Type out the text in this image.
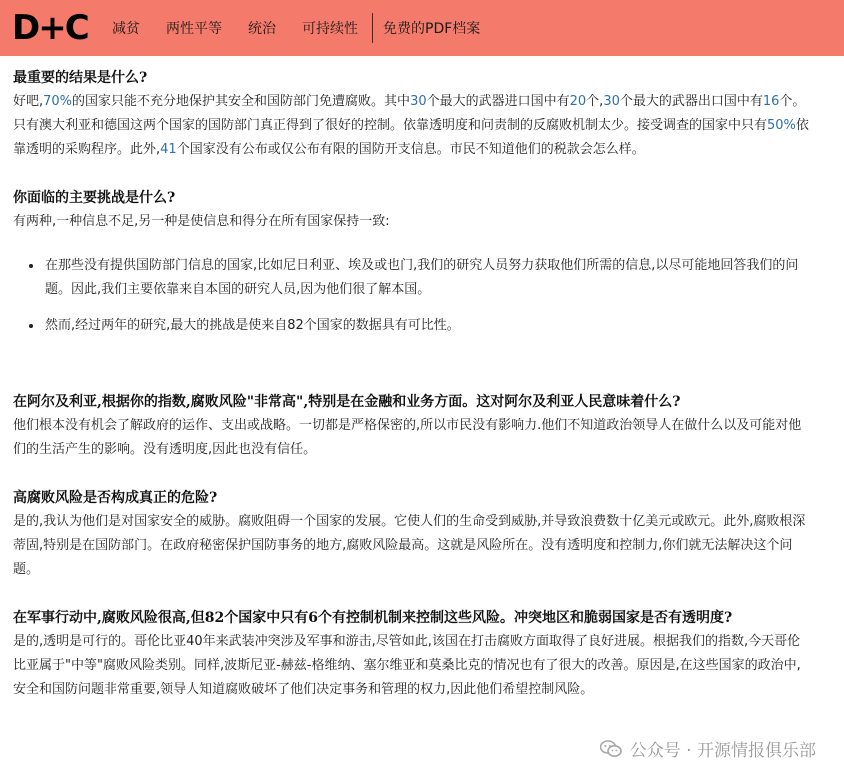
D+C 减贫 两性平等 统治 可持续性 免费的PDF档案
最重要的结果是什么?
好吧,70%的国家只能不充分地保护其安全和国防部门免遭腐败。其中30个最大的武器进口国中有20个,30个最大的武器出口国中有16个。只有澳大利亚和德国这两个国家的国防部门真正得到了很好的控制。依靠透明度和问责制的反腐败机制太少。接受调查的国家中只有50%依靠透明的采购程序。此外,41个国家没有公布或仅公布有限的国防开支信息。市民不知道他们的税款会怎么样。
你面临的主要挑战是什么?
有两种,一种信息不足,另一种是使信息和得分在所有国家保持一致:
• 在那些没有提供国防部门信息的国家,比如尼日利亚、埃及或也门,我们的研究人员努力获取他们所需的信息,以尽可能地回答我们的问题。因此,我们主要依靠来自本国的研究人员,因为他们很了解本国。
• 然而,经过两年的研究,最大的挑战是使来自82个国家的数据具有可比性。
在阿尔及利亚,根据你的指数,腐败风险"非常高",特别是在金融和业务方面。这对阿尔及利亚人民意味着什么?
他们根本没有机会了解政府的运作、支出或战略。一切都是严格保密的,所以市民没有影响力.他们不知道政治领导人在做什么以及可能对他们的生活产生的影响。没有透明度,因此也没有信任。
高腐败风险是否构成真正的危险?
是的,我认为他们是对国家安全的威胁。腐败阻碍一个国家的发展。它使人们的生命受到威胁,并导致浪费数十亿美元或欧元。此外,腐败根深蒂固,特别是在国防部门。在政府秘密保护国防事务的地方,腐败风险最高。这就是风险所在。没有透明度和控制力,你们就无法解决这个问题。
在军事行动中,腐败风险很高,但82个国家中只有6个有控制机制来控制这些风险。冲突地区和脆弱国家是否有透明度?
是的,透明是可行的。哥伦比亚40年来武装冲突涉及军事和游击,尽管如此,该国在打击腐败方面取得了良好进展。根据我们的指数,今天哥伦比亚属于"中等"腐败风险类别。同样,波斯尼亚-赫兹-格维纳、塞尔维亚和莫桑比克的情况也有了很大的改善。原因是,在这些国家的政治中,安全和国防问题非常重要,领导人知道腐败破坏了他们决定事务和管理的权力,因此他们希望控制风险。
公众号 · 开源情报俱乐部
